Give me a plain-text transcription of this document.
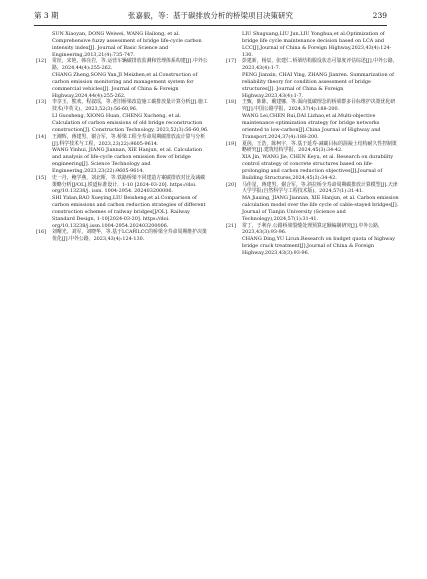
第 3 期	张嘉毅，等：基于碳排放分析的桥梁项目决策研究	239
SUN Xiaoyan, DONG Weiwei, WANG Hailong, et al. Comprehensive fuzzy assessment of bridge life-cycle carbon intensity index[J]. Journal of Basic Science and Engineering,2013,21(4):735-747.
[12] 常征，宋艳，韩亮岩，等.运营车辆碳排放监测和管理体系构建[J].中外公路，2024,44(4):255-262.
CHANG Zheng,SONG Yan,JI Meizhen,et al.Construction of carbon emission monitoring and management system for commercial vehicles[J]. Journal of China & Foreign Highway,2024,44(4):255-262.
[13] 李享玉，熊欢，程叙瑶，等.老旧桥梁改造施工碳排放量计算分析[J].施工技术(中英文)，2023,52(3):56-60,96.
LI Guosheng, XIONG Huan, CHENG Xucheng, et al. Calculation of carbon emissions of old bridge reconstruction construction[J]. Construction Technology, 2023,52(3):56-60,96.
[14] 王湘辉，蒋建男，谢合军，等.桥梁工程全寿命周期碳排放流计算与分析[J].科学技术与工程，2023,23(22):9605-9614.
WANG Yinhui, JIANG Jiannan, XIE Hanjun, et al. Calculation and analysis of life-cycle carbon emission flow of bridge engineering[J]. Science Technology and Engineering,2023,23(22):9605-9614.
[15] 史一丹，鲍学燕，刘北斯，等.铁路桥梁不同建造方案碳排放对比及减碳策略分析[J/OL].铁道标准设计，1-10 [2024-03-20]. https://doi. org/10.13238/j. issn. 1004-2954. 202403200006.
SHI Yidan,BAO Xueying,LIU Beisheng,et al.Comparison of carbon emissions and carbon reduction strategies of different construction schemes of railway bridges[J/OL]. Railway Standard Design, 1-10[2024-03-20]. https://doi. org/10.13238/j.issn.1004-2954.202403200006.
[16] 刘曙光，刘军，刘晓华，等.基于LCA和LCC的桥梁全寿命周期维护决策优化[J].中外公路，2023,43(4):124-130.
LIU Shuguang,LIU Jun,LIU Yonghua,et al.Optimization of bridge life cycle maintenance decision based on LCA and LCC[J].Journal of China & Foreign Highway,2023,43(4):124-130.
[17] 彭建新，杨辰，张建仁.桥梁结构服役状态可靠度评估综述[J].中外公路，2023,43(4):1-7.
PENG Jianxin, CHAI Ying, ZHANG Jianren. Summarization of reliability theory for condition assessment of bridge structures[J]. Journal of China & Foreign Highway,2023,43(4):1-7.
[18] 王甄，陈陈，戴建娜，等.面向低碳理念的桥梁群多目标维护决策优化研究[J].中国公路学报，2024,37(4):188-200.
WANG Lei,CHEN Rui,DAI Lizhao,et al.Multi-objective maintenance optimization strategy for bridge networks oriented to low-carbon[J].China Journal of Highway and Transport,2024,37(4):188-200.
[19] 夏茵，王浩，陈柯宇，等.基于延寿-减碳目标的混凝土结构耐久性控制策略研究[J].建筑结构学报，2024,45(3):34-42.
XIA Jin, WANG Jie, CHEN Keyu, et al. Research on durability control strategy of concrete structures based on life-prolonging and carbon reduction objectives[J].Journal of Building Structures,2024,45(3):34-42.
[20] 马佳星，蒋建男，谢合军，等.斜拉桥全寿命周期碳排放计算模型[J].天津大学学报(自然科学与工程技术版)，2024,57(1):31-41.
MA Jiaxing, JIANG Jiannan, XIE Hanjun, et al. Carbon emission calculation model over the life cycle of cable-stayed bridges[J]. Journal of Tianjin University (Science and Technology),2024,57(1):31-41.
[21] 常丁，于利存.公路桥梁裂缝处理预算定额编制研究[J].中外公路，2023,43(3):93-96.
CHANG Ding,YU Licun.Research on budget quota of highway bridge crack treatment[J].Journal of China & Foreign Highway,2023,43(3):93-96.
